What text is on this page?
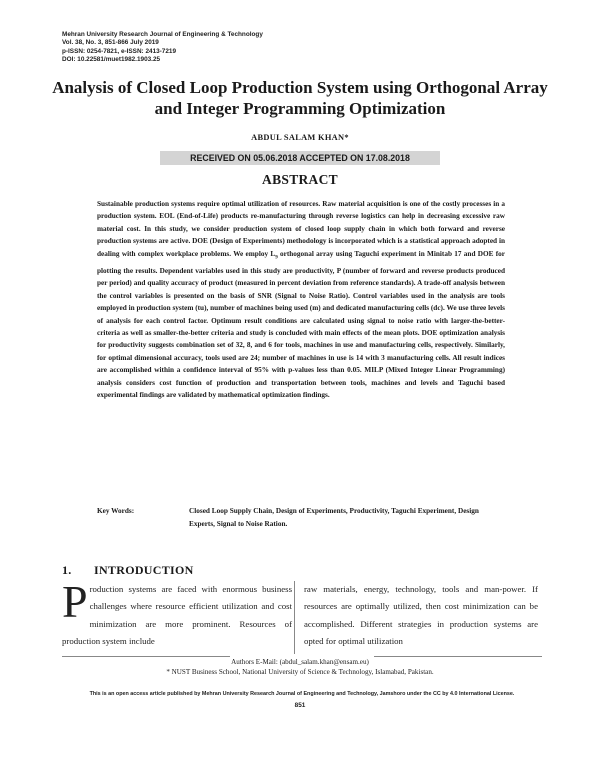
Mehran University Research Journal of Engineering & Technology
Vol. 38, No. 3, 851-866 July 2019
p-ISSN: 0254-7821, e-ISSN: 2413-7219
DOI: 10.22581/muet1982.1903.25
Analysis of Closed Loop Production System using Orthogonal Array and Integer Programming Optimization
ABDUL SALAM KHAN*
RECEIVED ON 05.06.2018 ACCEPTED ON 17.08.2018
ABSTRACT
Sustainable production systems require optimal utilization of resources. Raw material acquisition is one of the costly processes in a production system. EOL (End-of-Life) products re-manufacturing through reverse logistics can help in decreasing excessive raw material cost. In this study, we consider production system of closed loop supply chain in which both forward and reverse production systems are active. DOE (Design of Experiments) methodology is incorporated which is a statistical approach adopted in dealing with complex workplace problems. We employ $L_9$ orthogonal array using Taguchi experiment in Minitab 17 and DOE for plotting the results. Dependent variables used in this study are productivity, P (number of forward and reverse products produced per period) and quality accuracy of product (measured in percent deviation from reference standards). A trade-off analysis between the control variables is presented on the basis of SNR (Signal to Noise Ratio). Control variables used in the analysis are tools employed in production system (tu), number of machines being used (m) and dedicated manufacturing cells (dc). We use three levels of analysis for each control factor. Optimum result conditions are calculated using signal to noise ratio with larger-the-better-criteria as well as smaller-the-better criteria and study is concluded with main effects of the mean plots. DOE optimization analysis for productivity suggests combination set of 32, 8, and 6 for tools, machines in use and manufacturing cells, respectively. Similarly, for optimal dimensional accuracy, tools used are 24; number of machines in use is 14 with 3 manufacturing cells. All result indices are accomplished within a confidence interval of 95% with p-values less than 0.05. MILP (Mixed Integer Linear Programming) analysis considers cost function of production and transportation between tools, machines and levels and Taguchi based experimental findings are validated by mathematical optimization findings.
Key Words:	Closed Loop Supply Chain, Design of Experiments, Productivity, Taguchi Experiment, Design Experts, Signal to Noise Ration.
1. INTRODUCTION
Production systems are faced with enormous business challenges where resource efficient utilization and cost minimization are more prominent. Resources of production system include
raw materials, energy, technology, tools and man-power. If resources are optimally utilized, then cost minimization can be accomplished. Different strategies in production systems are opted for optimal utilization
Authors E-Mail: (abdul_salam.khan@ensam.eu)
* NUST Business School, National University of Science & Technology, Islamabad, Pakistan.
This is an open access article published by Mehran University Research Journal of Engineering and Technology, Jamshoro under the CC by 4.0 International License.
851
